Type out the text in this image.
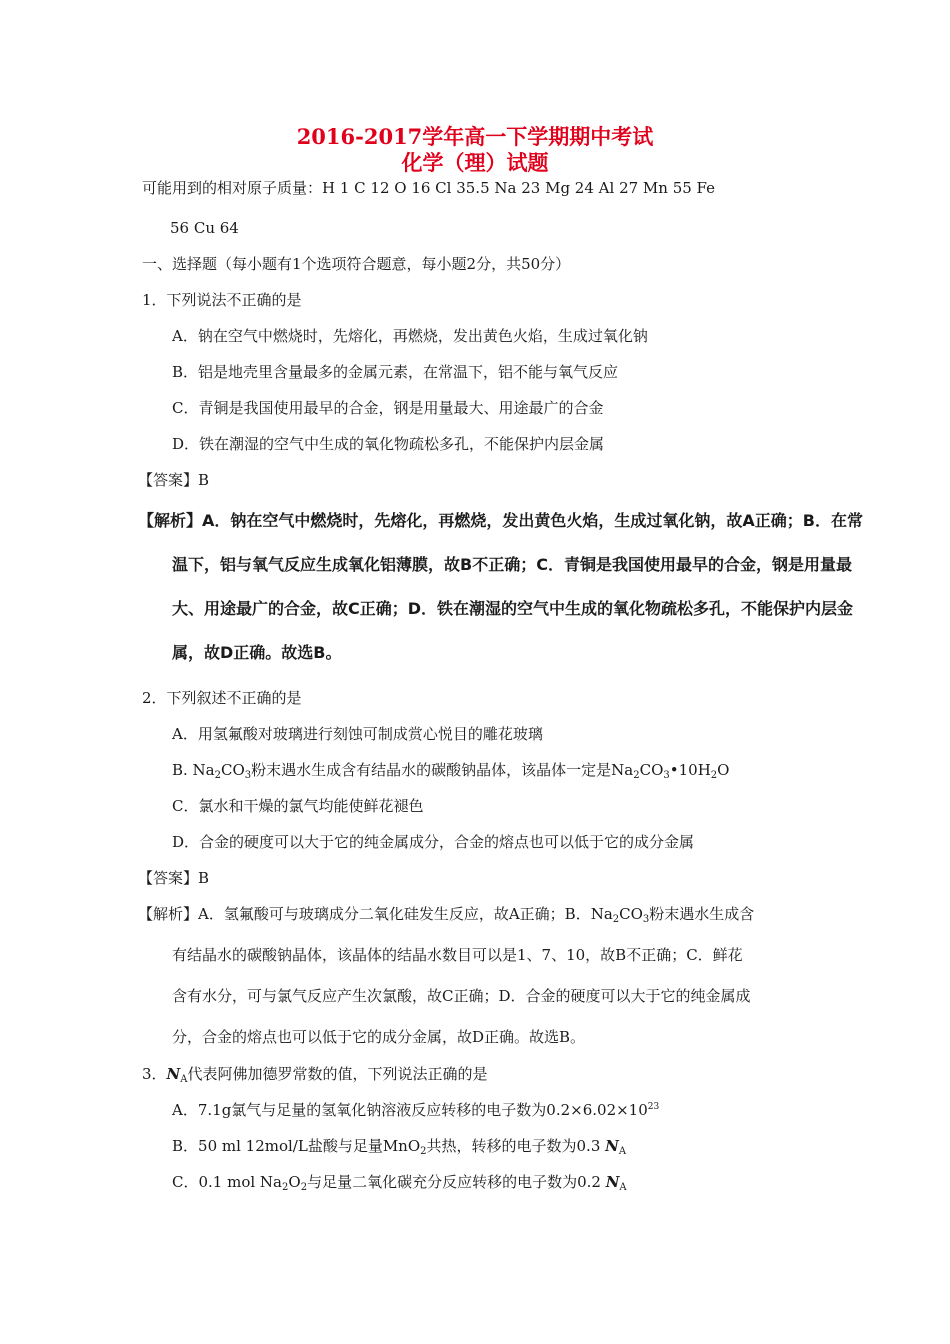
2016-2017学年高一下学期期中考试
化学（理）试题
可能用到的相对原子质量：H 1 C 12 O 16 Cl 35.5 Na 23 Mg 24 Al 27 Mn 55 Fe
56 Cu 64
一、选择题（每小题有1个选项符合题意，每小题2分，共50分）
1．下列说法不正确的是
A．钠在空气中燃烧时，先熔化，再燃烧，发出黄色火焰，生成过氧化钠
B．铝是地壳里含量最多的金属元素，在常温下，铝不能与氧气反应
C．青铜是我国使用最早的合金，钢是用量最大、用途最广的合金
D．铁在潮湿的空气中生成的氧化物疏松多孔，不能保护内层金属
【答案】B
【解析】A．钠在空气中燃烧时，先熔化，再燃烧，发出黄色火焰，生成过氧化钠，故A正确；B．在常
温下，铝与氧气反应生成氧化铝薄膜，故B不正确；C．青铜是我国使用最早的合金，钢是用量最
大、用途最广的合金，故C正确；D．铁在潮湿的空气中生成的氧化物疏松多孔，不能保护内层金
属，故D正确。故选B。
2．下列叙述不正确的是
A．用氢氟酸对玻璃进行刻蚀可制成赏心悦目的雕花玻璃
B. $Na_2CO_3$粉末遇水生成含有结晶水的碳酸钠晶体，该晶体一定是$Na_2CO_3•10H_2O$
C．氯水和干燥的氯气均能使鲜花褪色
D．合金的硬度可以大于它的纯金属成分，合金的熔点也可以低于它的成分金属
【答案】B
【解析】A．氢氟酸可与玻璃成分二氧化硅发生反应，故A正确；B．$Na_2CO_3$粉末遇水生成含
有结晶水的碳酸钠晶体，该晶体的结晶水数目可以是1、7、10，故B不正确；C．鲜花
含有水分，可与氯气反应产生次氯酸，故C正确；D．合金的硬度可以大于它的纯金属成
分，合金的熔点也可以低于它的成分金属，故D正确。故选B。
3．$N_A$代表阿佛加德罗常数的值，下列说法正确的是
A．7.1g氯气与足量的氢氧化钠溶液反应转移的电子数为$0.2\times 6.02\times 10^{23}$
B．50 ml 12mol/L盐酸与足量MnO$_2$共热，转移的电子数为0.3 $N_A$
C．0.1 mol $Na_2O_2$与足量二氧化碳充分反应转移的电子数为0.2 $N_A$
